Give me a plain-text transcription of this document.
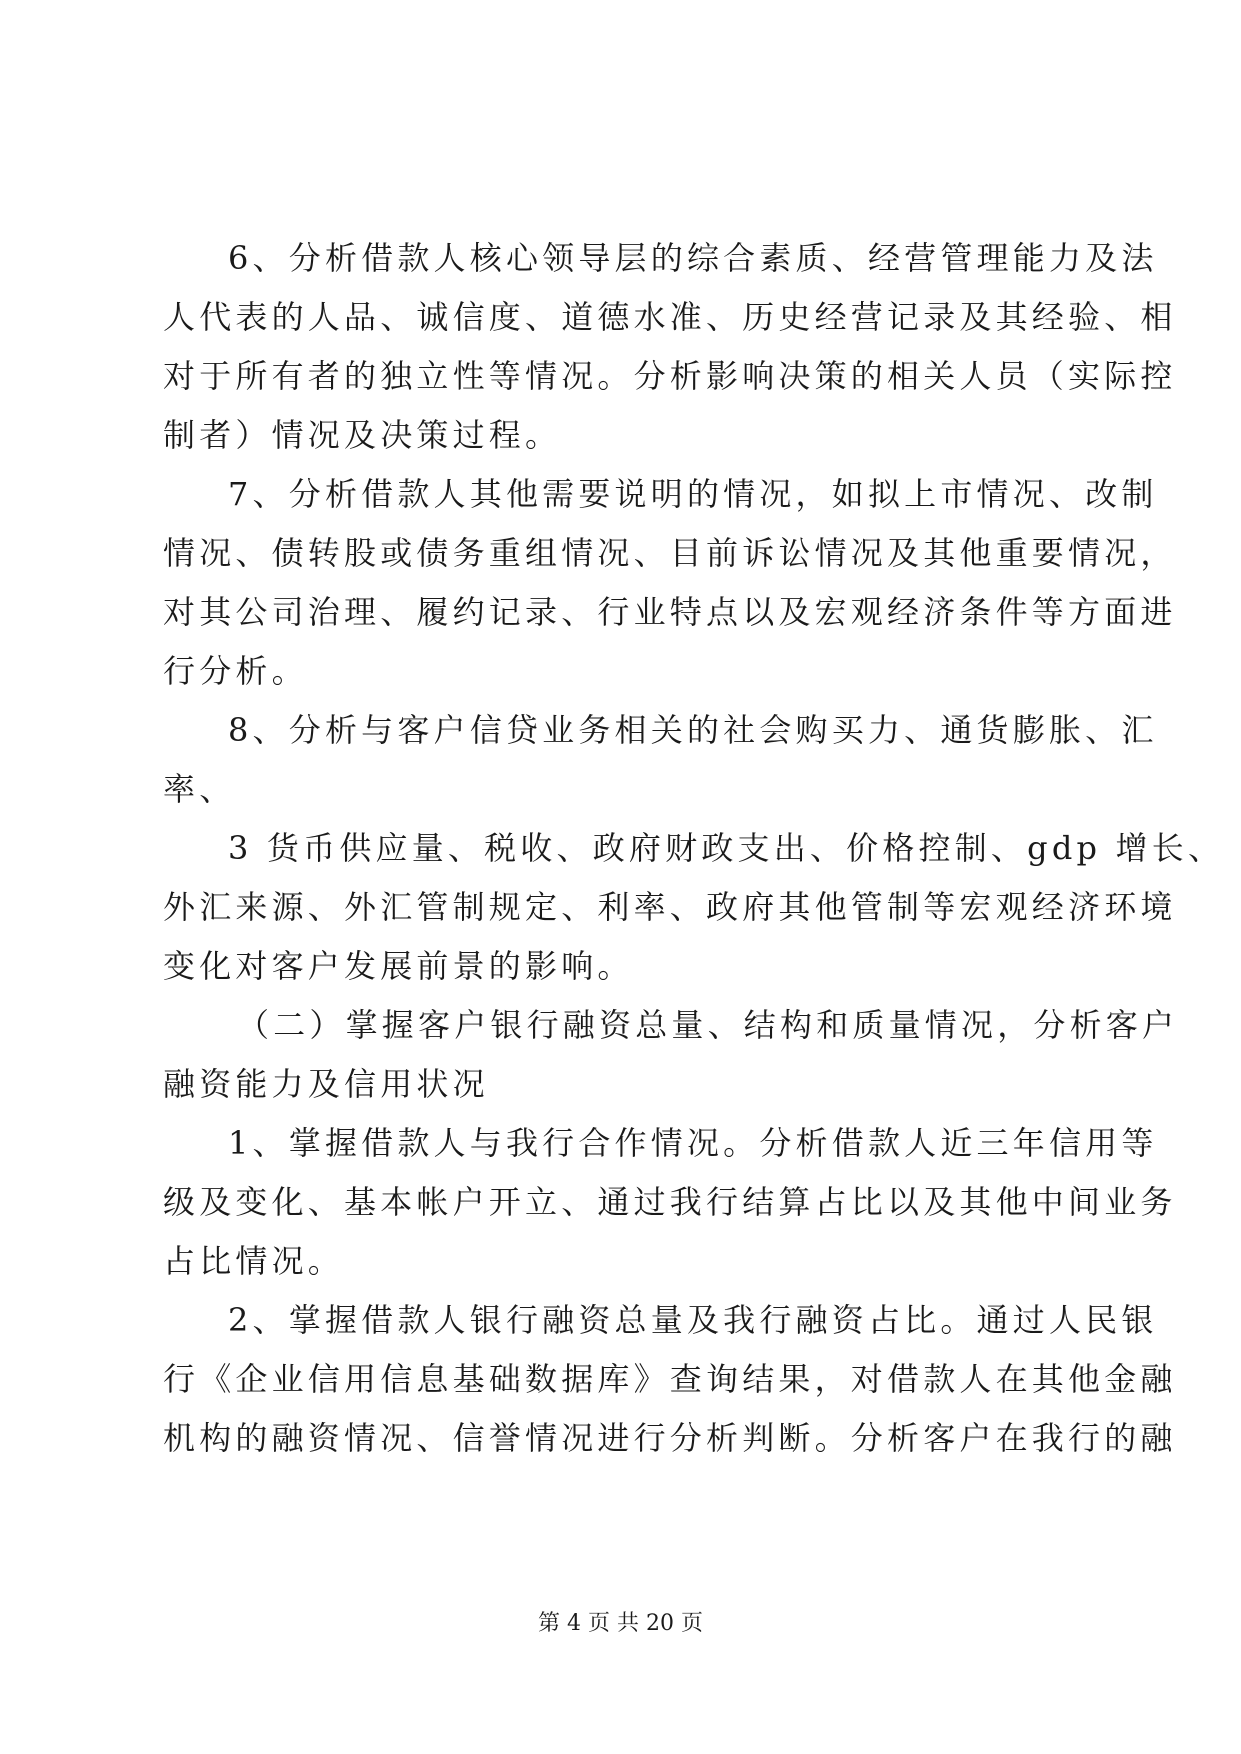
6、分析借款人核心领导层的综合素质、经营管理能力及法
人代表的人品、诚信度、道德水准、历史经营记录及其经验、相
对于所有者的独立性等情况。分析影响决策的相关人员（实际控
制者）情况及决策过程。
7、分析借款人其他需要说明的情况，如拟上市情况、改制
情况、债转股或债务重组情况、目前诉讼情况及其他重要情况，
对其公司治理、履约记录、行业特点以及宏观经济条件等方面进
行分析。
8、分析与客户信贷业务相关的社会购买力、通货膨胀、汇
率、
3 货币供应量、税收、政府财政支出、价格控制、gdp 增长、
外汇来源、外汇管制规定、利率、政府其他管制等宏观经济环境
变化对客户发展前景的影响。
（二）掌握客户银行融资总量、结构和质量情况，分析客户
融资能力及信用状况
1、掌握借款人与我行合作情况。分析借款人近三年信用等
级及变化、基本帐户开立、通过我行结算占比以及其他中间业务
占比情况。
2、掌握借款人银行融资总量及我行融资占比。通过人民银
行《企业信用信息基础数据库》查询结果，对借款人在其他金融
机构的融资情况、信誉情况进行分析判断。分析客户在我行的融
第 4 页 共 20 页
